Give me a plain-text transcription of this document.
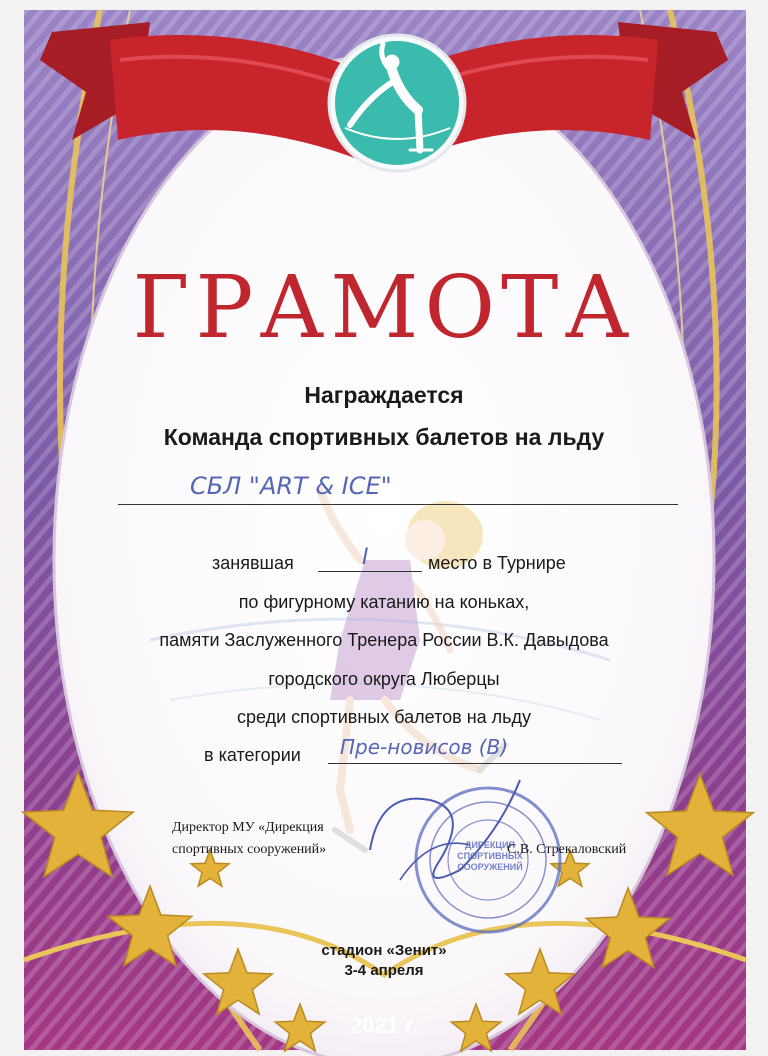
ДИРЕКЦИЯ СПОРТИВНЫХ СООРУЖЕНИЙ
ГРАМОТА
Награждается
Команда спортивных балетов на льду
СБЛ "ART & ICE"
занявшая	I	место в Турнире
по фигурному катанию на коньках,
памяти Заслуженного Тренера России В.К. Давыдова
городского округа Люберцы
среди спортивных балетов на льду
в категории Пре-новисов (В)
Директор МУ «Дирекция
спортивных сооружений»	С.В. Стрекаловский
стадион «Зенит»
3-4 апреля
2021 г.
